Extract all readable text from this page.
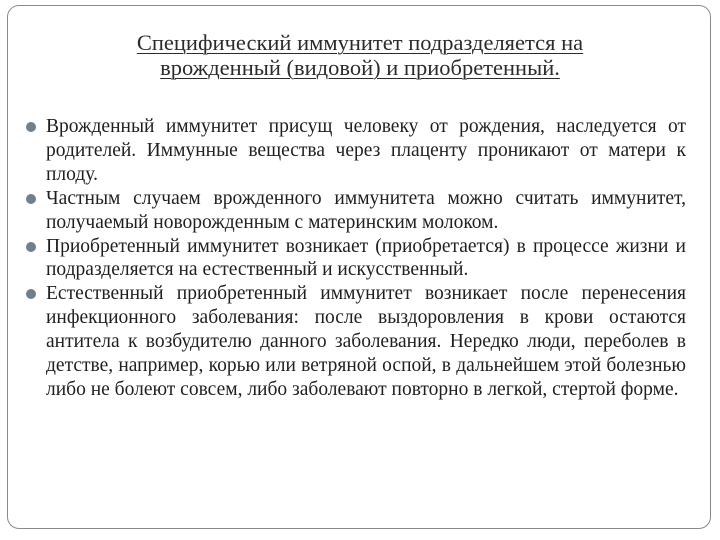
Специфический иммунитет подразделяется на
врожденный (видовой) и приобретенный.
Врожденный иммунитет присущ человеку от рождения, наследуется от родителей. Иммунные вещества через плаценту проникают от матери к плоду.
Частным случаем врожденного иммунитета можно считать иммунитет, получаемый новорожденным с материнским молоком.
Приобретенный иммунитет возникает (приобретается) в процессе жизни и подразделяется на естественный и искусственный.
Естественный приобретенный иммунитет возникает после перенесения инфекционного заболевания: после выздоровления в крови остаются антитела к возбудителю данного заболевания. Нередко люди, переболев в детстве, например, корью или ветряной оспой, в дальнейшем этой болезнью либо не болеют совсем, либо заболевают повторно в легкой, стертой форме.
